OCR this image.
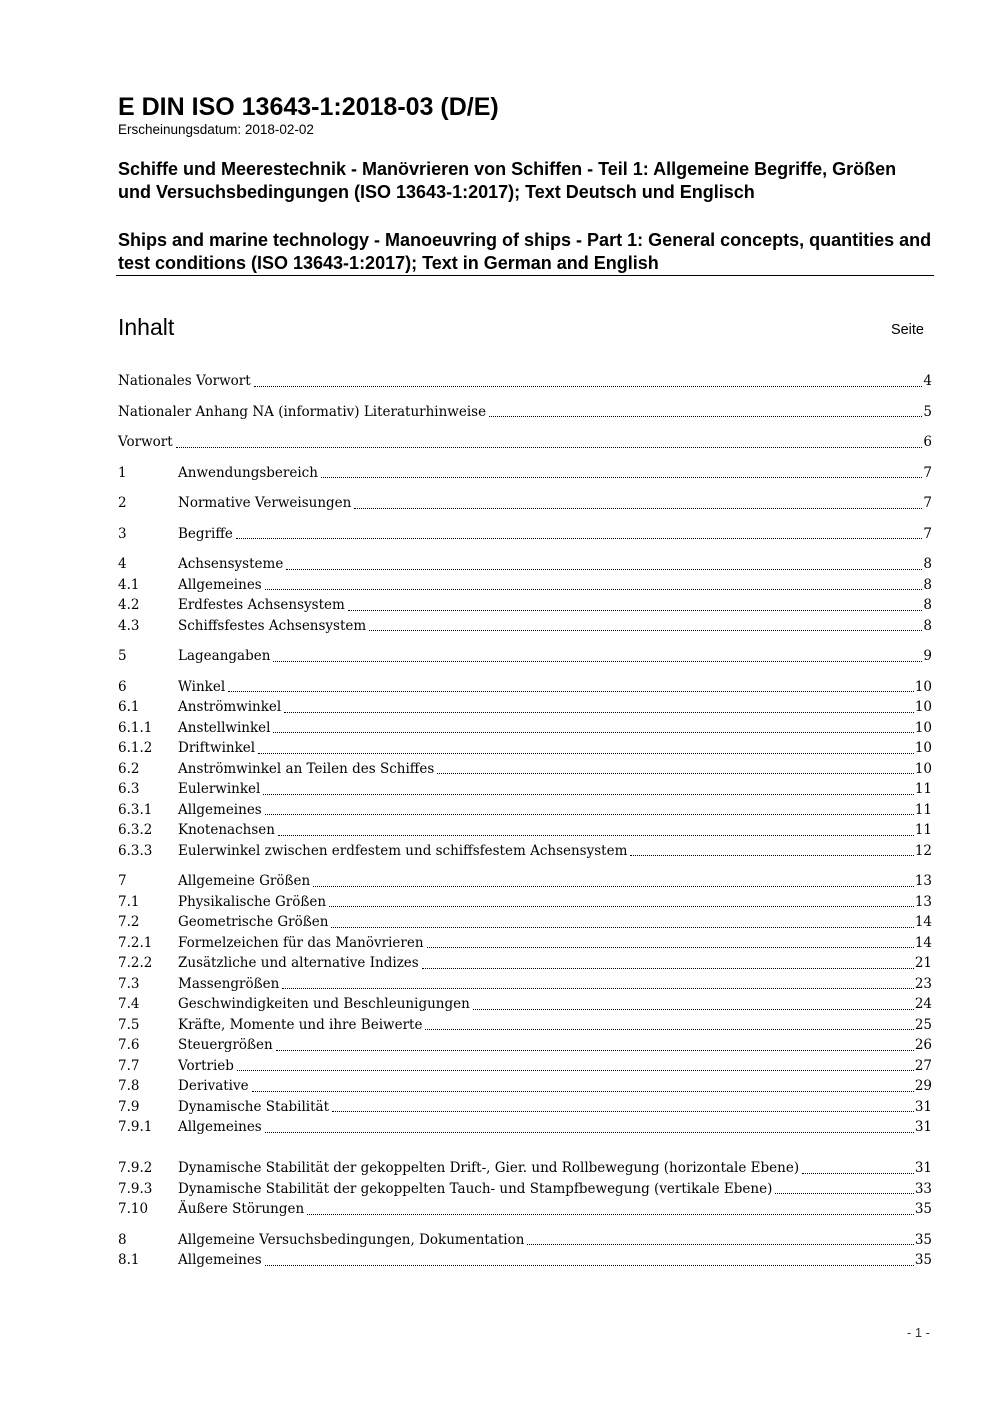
E DIN ISO 13643-1:2018-03 (D/E)
Erscheinungsdatum: 2018-02-02
Schiffe und Meerestechnik - Manövrieren von Schiffen - Teil 1: Allgemeine Begriffe, Größen und Versuchsbedingungen (ISO 13643-1:2017); Text Deutsch und Englisch
Ships and marine technology - Manoeuvring of ships - Part 1: General concepts, quantities and test conditions (ISO 13643-1:2017); Text in German and English
Inhalt	Seite
Nationales Vorwort	4
Nationaler Anhang NA (informativ) Literaturhinweise	5
Vorwort	6
1	Anwendungsbereich	7
2	Normative Verweisungen	7
3	Begriffe	7
4	Achsensysteme	8
4.1	Allgemeines	8
4.2	Erdfestes Achsensystem	8
4.3	Schiffsfestes Achsensystem	8
5	Lageangaben	9
6	Winkel	10
6.1	Anströmwinkel	10
6.1.1	Anstellwinkel	10
6.1.2	Driftwinkel	10
6.2	Anströmwinkel an Teilen des Schiffes	10
6.3	Eulerwinkel	11
6.3.1	Allgemeines	11
6.3.2	Knotenachsen	11
6.3.3	Eulerwinkel zwischen erdfestem und schiffsfestem Achsensystem	12
7	Allgemeine Größen	13
7.1	Physikalische Größen	13
7.2	Geometrische Größen	14
7.2.1	Formelzeichen für das Manövrieren	14
7.2.2	Zusätzliche und alternative Indizes	21
7.3	Massengrößen	23
7.4	Geschwindigkeiten und Beschleunigungen	24
7.5	Kräfte, Momente und ihre Beiwerte	25
7.6	Steuergrößen	26
7.7	Vortrieb	27
7.8	Derivative	29
7.9	Dynamische Stabilität	31
7.9.1	Allgemeines	31
7.9.2	Dynamische Stabilität der gekoppelten Drift-, Gier. und Rollbewegung (horizontale Ebene)	31
7.9.3	Dynamische Stabilität der gekoppelten Tauch- und Stampfbewegung (vertikale Ebene)	33
7.10	Äußere Störungen	35
8	Allgemeine Versuchsbedingungen, Dokumentation	35
8.1	Allgemeines	35
- 1 -
